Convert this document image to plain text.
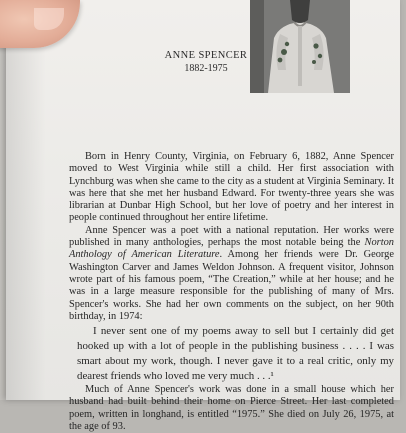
ANNE SPENCER
1882-1975

Born in Henry County, Virginia, on February 6, 1882, Anne Spencer moved to West Virginia while still a child. Her first association with Lynchburg was when she came to the city as a student at Virginia Seminary. It was here that she met her husband Edward. For twenty-three years she was librarian at Dunbar High School, but her love of poetry and her interest in people continued throughout her entire lifetime.

Anne Spencer was a poet with a national reputation. Her works were published in many anthologies, perhaps the most notable being the Norton Anthology of American Literature. Among her friends were Dr. George Washington Carver and James Weldon Johnson. A frequent visitor, Johnson wrote part of his famous poem, “The Creation,” while at her house; and he was in a large measure responsible for the publishing of many of Mrs. Spencer's works. She had her own comments on the subject, on her 90th birthday, in 1974:

I never sent one of my poems away to sell but I certainly did get hooked up with a lot of people in the publishing business . . . . I was smart about my work, though. I never gave it to a real critic, only my dearest friends who loved me very much . . .¹

Much of Anne Spencer's work was done in a small house which her husband had built behind their home on Pierce Street. Her last completed poem, written in longhand, is entitled “1975.” She died on July 26, 1975, at the age of 93.
